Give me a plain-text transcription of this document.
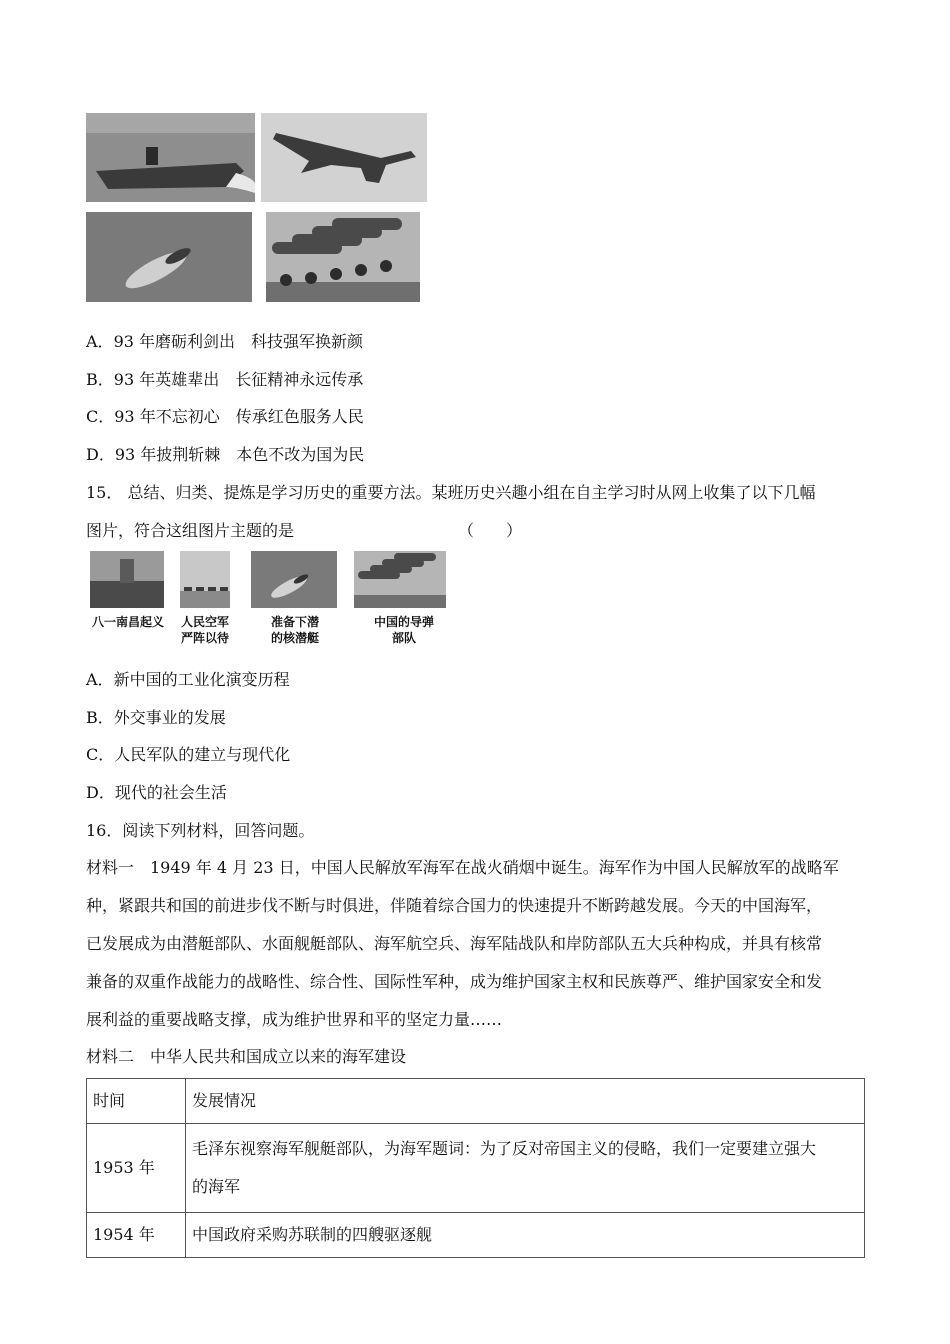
A．93 年磨砺利剑出　科技强军换新颜
B．93 年英雄辈出　长征精神永远传承
C．93 年不忘初心　传承红色服务人民
D．93 年披荆斩棘　本色不改为国为民
15． 总结、归类、提炼是学习历史的重要方法。某班历史兴趣小组在自主学习时从网上收集了以下几幅
图片，符合这组图片主题的是	（　　）
八一南昌起义	人民空军
严阵以待
准备下潜
的核潜艇
中国的导弹
部队
A．新中国的工业化演变历程
B．外交事业的发展
C．人民军队的建立与现代化
D．现代的社会生活
16．阅读下列材料，回答问题。
材料一　1949 年 4 月 23 日，中国人民解放军海军在战火硝烟中诞生。海军作为中国人民解放军的战略军
种，紧跟共和国的前进步伐不断与时俱进，伴随着综合国力的快速提升不断跨越发展。今天的中国海军，
已发展成为由潜艇部队、水面舰艇部队、海军航空兵、海军陆战队和岸防部队五大兵种构成，并具有核常
兼备的双重作战能力的战略性、综合性、国际性军种，成为维护国家主权和民族尊严、维护国家安全和发
展利益的重要战略支撑，成为维护世界和平的坚定力量……
材料二　中华人民共和国成立以来的海军建设
时间	发展情况
1953 年	毛泽东视察海军舰艇部队，为海军题词：为了反对帝国主义的侵略，我们一定要建立强大
的海军

1954 年	中国政府采购苏联制的四艘驱逐舰
